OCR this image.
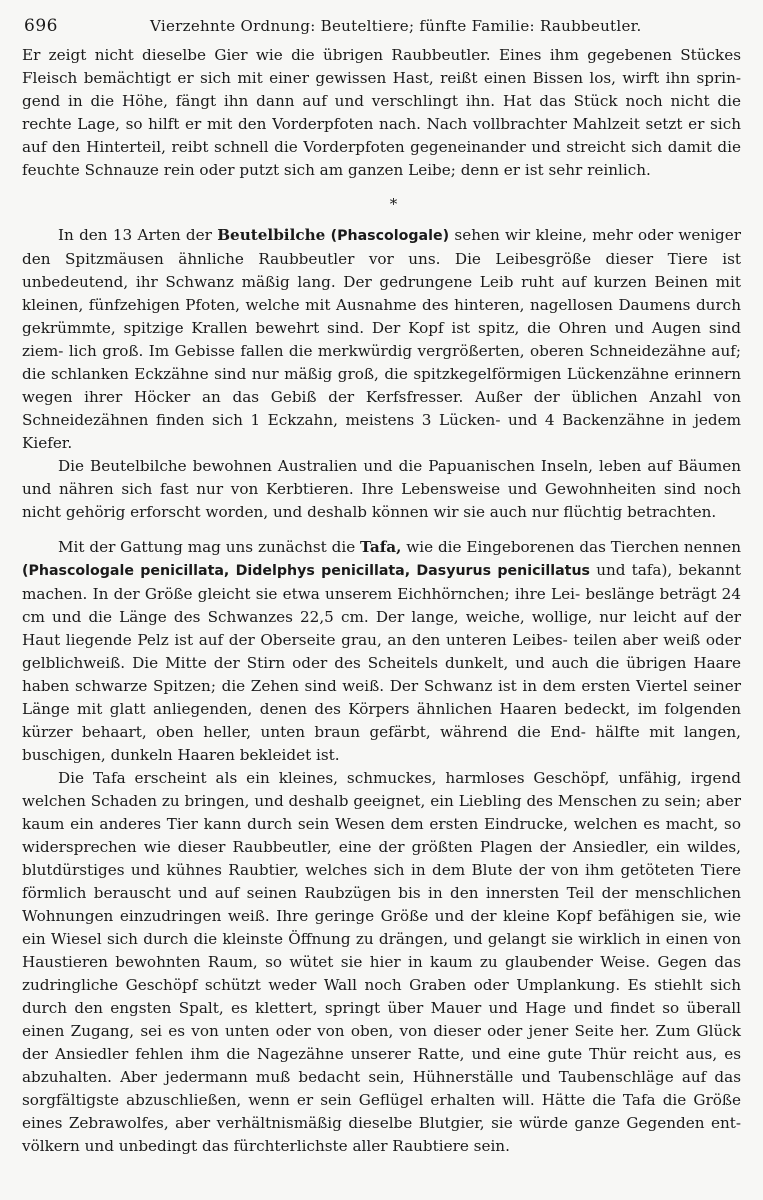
696	Vierzehnte Ordnung: Beuteltiere; fünfte Familie: Raubbeutler.

Er zeigt nicht dieselbe Gier wie die übrigen Raubbeutler. Eines ihm gegebenen Stückes Fleisch bemächtigt er sich mit einer gewissen Hast, reißt einen Bissen los, wirft ihn sprin- gend in die Höhe, fängt ihn dann auf und verschlingt ihn. Hat das Stück noch nicht die rechte Lage, so hilft er mit den Vorderpfoten nach. Nach vollbrachter Mahlzeit setzt er sich auf den Hinterteil, reibt schnell die Vorderpfoten gegeneinander und streicht sich damit die feuchte Schnauze rein oder putzt sich am ganzen Leibe; denn er ist sehr reinlich.

*

In den 13 Arten der Beutelbilche (Phascologale) sehen wir kleine, mehr oder weniger den Spitzmäusen ähnliche Raubbeutler vor uns. Die Leibesgröße dieser Tiere ist unbedeutend, ihr Schwanz mäßig lang. Der gedrungene Leib ruht auf kurzen Beinen mit kleinen, fünfzehigen Pfoten, welche mit Ausnahme des hinteren, nagellosen Daumens durch gekrümmte, spitzige Krallen bewehrt sind. Der Kopf ist spitz, die Ohren und Augen sind ziem- lich groß. Im Gebisse fallen die merkwürdig vergrößerten, oberen Schneidezähne auf; die schlanken Eckzähne sind nur mäßig groß, die spitzkegelförmigen Lückenzähne erinnern wegen ihrer Höcker an das Gebiß der Kerfsfresser. Außer der üblichen Anzahl von Schneidezähnen finden sich 1 Eckzahn, meistens 3 Lücken- und 4 Backenzähne in jedem Kiefer.

Die Beutelbilche bewohnen Australien und die Papuanischen Inseln, leben auf Bäumen und nähren sich fast nur von Kerbtieren. Ihre Lebensweise und Gewohnheiten sind noch nicht gehörig erforscht worden, und deshalb können wir sie auch nur flüchtig betrachten.

Mit der Gattung mag uns zunächst die Tafa, wie die Eingeborenen das Tierchen nennen (Phascologale penicillata, Didelphys penicillata, Dasyurus penicillatus und tafa), bekannt machen. In der Größe gleicht sie etwa unserem Eichhörnchen; ihre Lei- beslänge beträgt 24 cm und die Länge des Schwanzes 22,5 cm. Der lange, weiche, wollige, nur leicht auf der Haut liegende Pelz ist auf der Oberseite grau, an den unteren Leibes- teilen aber weiß oder gelblichweiß. Die Mitte der Stirn oder des Scheitels dunkelt, und auch die übrigen Haare haben schwarze Spitzen; die Zehen sind weiß. Der Schwanz ist in dem ersten Viertel seiner Länge mit glatt anliegenden, denen des Körpers ähnlichen Haaren bedeckt, im folgenden kürzer behaart, oben heller, unten braun gefärbt, während die End- hälfte mit langen, buschigen, dunkeln Haaren bekleidet ist.

Die Tafa erscheint als ein kleines, schmuckes, harmloses Geschöpf, unfähig, irgend welchen Schaden zu bringen, und deshalb geeignet, ein Liebling des Menschen zu sein; aber kaum ein anderes Tier kann durch sein Wesen dem ersten Eindrucke, welchen es macht, so widersprechen wie dieser Raubbeutler, eine der größten Plagen der Ansiedler, ein wildes, blutdürstiges und kühnes Raubtier, welches sich in dem Blute der von ihm getöteten Tiere förmlich berauscht und auf seinen Raubzügen bis in den innersten Teil der menschlichen Wohnungen einzudringen weiß. Ihre geringe Größe und der kleine Kopf befähigen sie, wie ein Wiesel sich durch die kleinste Öffnung zu drängen, und gelangt sie wirklich in einen von Haustieren bewohnten Raum, so wütet sie hier in kaum zu glaubender Weise. Gegen das zudringliche Geschöpf schützt weder Wall noch Graben oder Umplankung. Es stiehlt sich durch den engsten Spalt, es klettert, springt über Mauer und Hage und findet so überall einen Zugang, sei es von unten oder von oben, von dieser oder jener Seite her. Zum Glück der Ansiedler fehlen ihm die Nagezähne unserer Ratte, und eine gute Thür reicht aus, es abzuhalten. Aber jedermann muß bedacht sein, Hühnerställe und Taubenschläge auf das sorgfältigste abzuschließen, wenn er sein Geflügel erhalten will. Hätte die Tafa die Größe eines Zebrawolfes, aber verhältnismäßig dieselbe Blutgier, sie würde ganze Gegenden ent- völkern und unbedingt das fürchterlichste aller Raubtiere sein.
